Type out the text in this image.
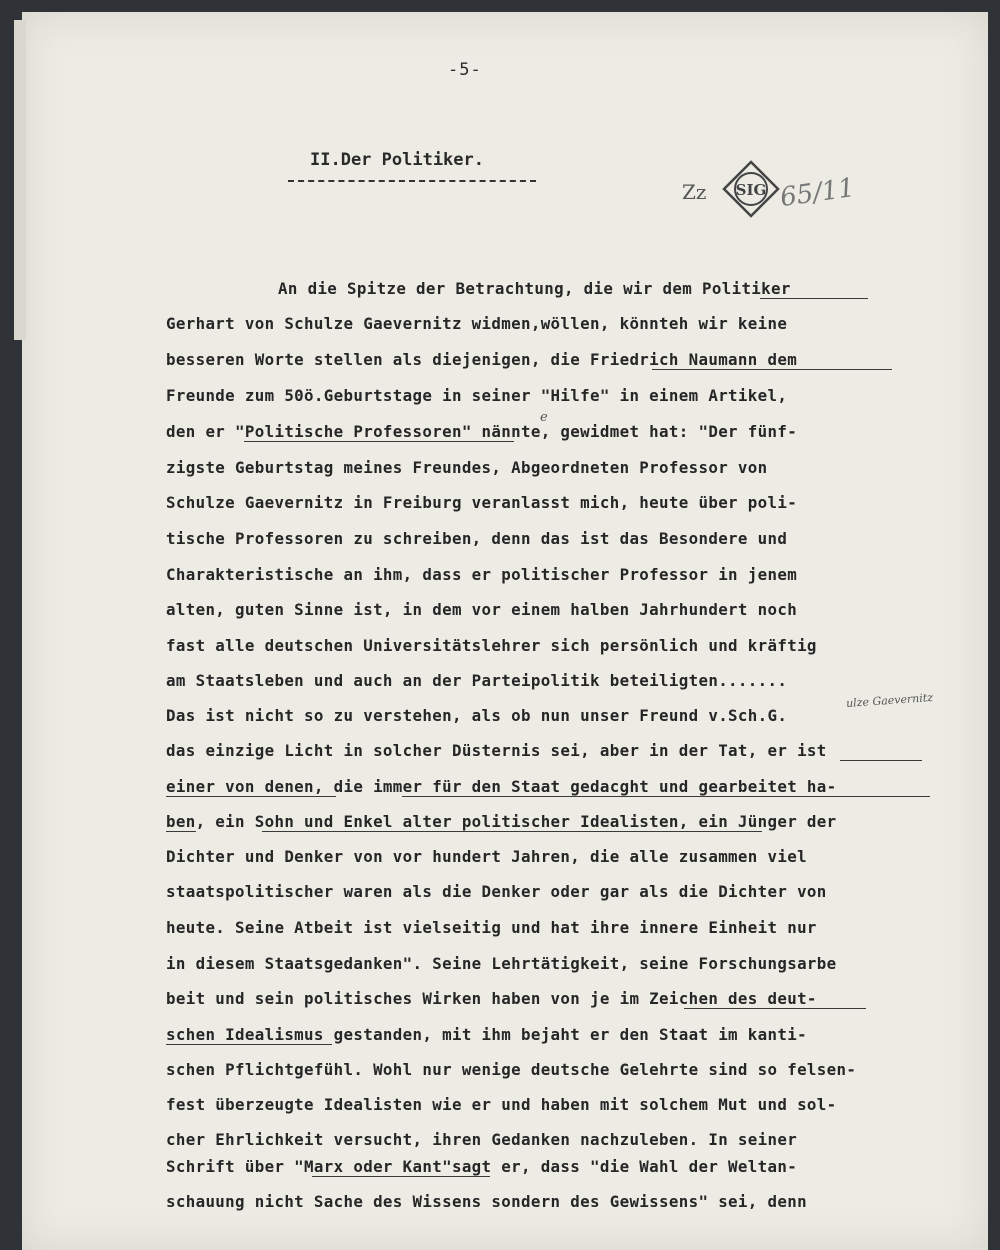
-5-
II.Der Politiker.
Zz SIG 65/11
An die Spitze der Betrachtung, die wir dem Politiker
Gerhart von Schulze Gaevernitz widmen,wöllen, könnteh wir keine
besseren Worte stellen als diejenigen, die Friedrich Naumann dem
Freunde zum 50ö.Geburtstage in seiner "Hilfe" in einem Artikel,
den er "Politische Professoren" nännte, gewidmet hat: "Der fünf-
zigste Geburtstag meines Freundes, Abgeordneten Professor von
Schulze Gaevernitz in Freiburg veranlasst mich, heute über poli-
tische Professoren zu schreiben, denn das ist das Besondere und
Charakteristische an ihm, dass er politischer Professor in jenem
alten, guten Sinne ist, in dem vor einem halben Jahrhundert noch
fast alle deutschen Universitätslehrer sich persönlich und kräftig
am Staatsleben und auch an der Parteipolitik beteiligten.......
Das ist nicht so zu verstehen, als ob nun unser Freund v.Sch.G.
das einzige Licht in solcher Düsternis sei, aber in der Tat, er ist
einer von denen, die immer für den Staat gedacght und gearbeitet ha-
ben, ein Sohn und Enkel alter politischer Idealisten, ein Jünger der
Dichter und Denker von vor hundert Jahren, die alle zusammen viel
staatspolitischer waren als die Denker oder gar als die Dichter von
heute. Seine Atbeit ist vielseitig und hat ihre innere Einheit nur
in diesem Staatsgedanken". Seine Lehrtätigkeit, seine Forschungsarbe
beit und sein politisches Wirken haben von je im Zeichen des deut-
schen Idealismus gestanden, mit ihm bejaht er den Staat im kanti-
schen Pflichtgefühl. Wohl nur wenige deutsche Gelehrte sind so felsen-
fest überzeugte Idealisten wie er und haben mit solchem Mut und sol-
cher Ehrlichkeit versucht, ihren Gedanken nachzuleben. In seiner
Schrift über "Marx oder Kant"sagt er, dass "die Wahl der Weltan-
schauung nicht Sache des Wissens sondern des Gewissens" sei, denn
e
ulze Gaevernitz
